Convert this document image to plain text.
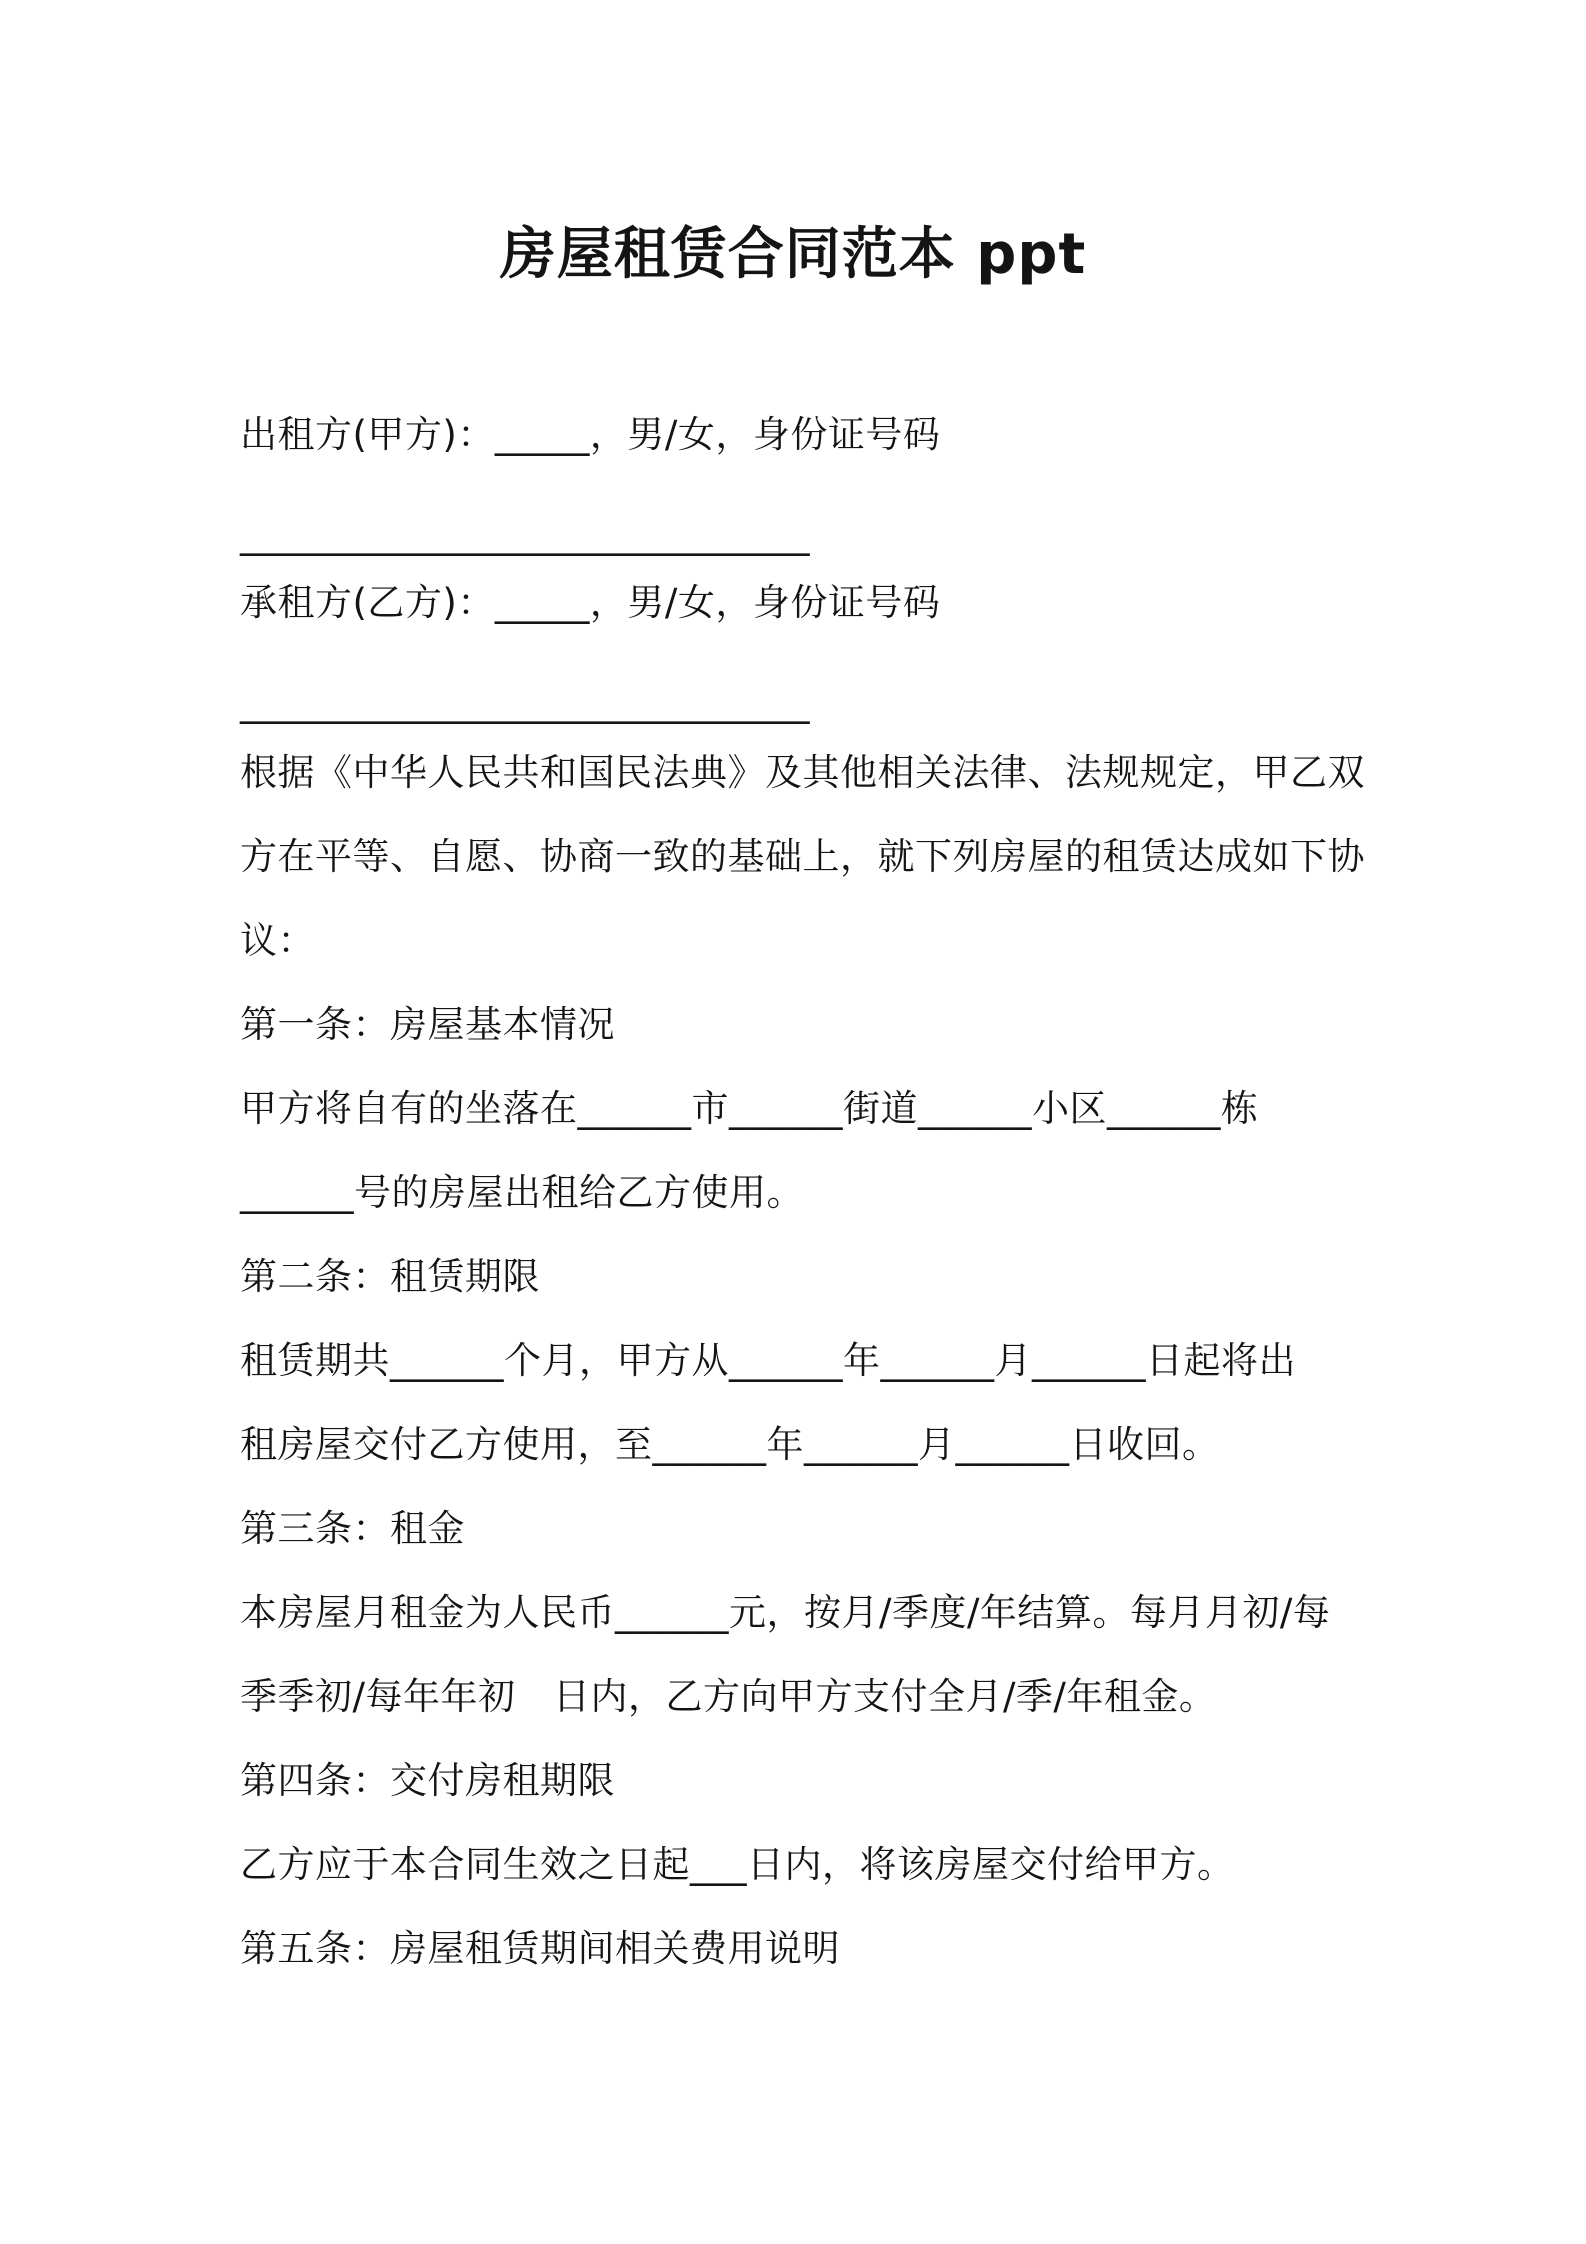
房屋租赁合同范本 ppt
出租方(甲方)：_____，男/女，身份证号码
______________________________
承租方(乙方)：_____，男/女，身份证号码
______________________________
根据《中华人民共和国民法典》及其他相关法律、法规规定，甲乙双
方在平等、自愿、协商一致的基础上，就下列房屋的租赁达成如下协
议：
第一条：房屋基本情况
甲方将自有的坐落在______市______街道______小区______栋
______号的房屋出租给乙方使用。
第二条：租赁期限
租赁期共______个月，甲方从______年______月______日起将出
租房屋交付乙方使用，至______年______月______日收回。
第三条：租金
本房屋月租金为人民币______元，按月/季度/年结算。每月月初/每
季季初/每年年初　日内，乙方向甲方支付全月/季/年租金。
第四条：交付房租期限
乙方应于本合同生效之日起___日内，将该房屋交付给甲方。
第五条：房屋租赁期间相关费用说明
